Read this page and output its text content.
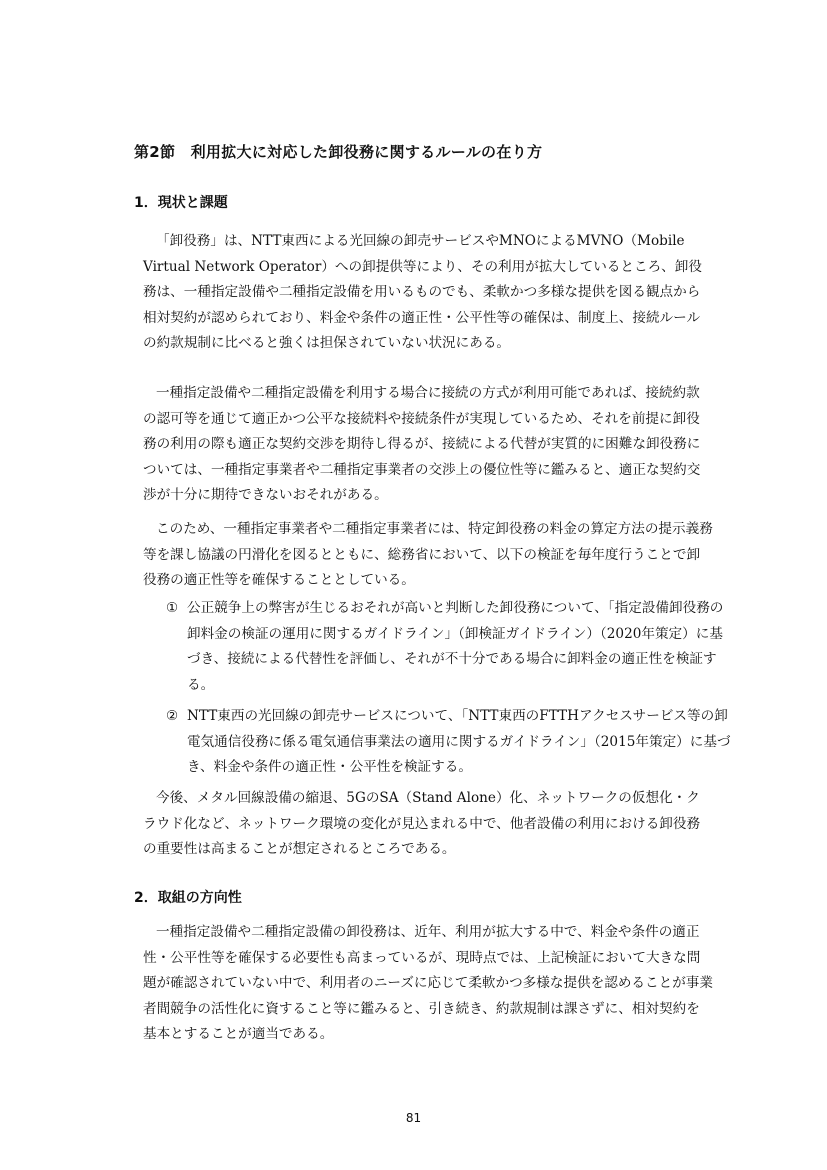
第2節　利用拡大に対応した卸役務に関するルールの在り方
1．現状と課題

「卸役務」は、NTT東西による光回線の卸売サービスやMNOによるMVNO（Mobile Virtual Network Operator）への卸提供等により、その利用が拡大しているところ、卸役務は、一種指定設備や二種指定設備を用いるものでも、柔軟かつ多様な提供を図る観点から相対契約が認められており、料金や条件の適正性・公平性等の確保は、制度上、接続ルールの約款規制に比べると強くは担保されていない状況にある。

一種指定設備や二種指定設備を利用する場合に接続の方式が利用可能であれば、接続約款の認可等を通じて適正かつ公平な接続料や接続条件が実現しているため、それを前提に卸役務の利用の際も適正な契約交渉を期待し得るが、接続による代替が実質的に困難な卸役務については、一種指定事業者や二種指定事業者の交渉上の優位性等に鑑みると、適正な契約交渉が十分に期待できないおそれがある。

このため、一種指定事業者や二種指定事業者には、特定卸役務の料金の算定方法の提示義務等を課し協議の円滑化を図るとともに、総務省において、以下の検証を毎年度行うことで卸役務の適正性等を確保することとしている。

① 公正競争上の弊害が生じるおそれが高いと判断した卸役務について、「指定設備卸役務の卸料金の検証の運用に関するガイドライン」（卸検証ガイドライン）（2020年策定）に基づき、接続による代替性を評価し、それが不十分である場合に卸料金の適正性を検証する。

② NTT東西の光回線の卸売サービスについて、「NTT東西のFTTHアクセスサービス等の卸電気通信役務に係る電気通信事業法の適用に関するガイドライン」（2015年策定）に基づき、料金や条件の適正性・公平性を検証する。

今後、メタル回線設備の縮退、5GのSA（Stand Alone）化、ネットワークの仮想化・クラウド化など、ネットワーク環境の変化が見込まれる中で、他者設備の利用における卸役務の重要性は高まることが想定されるところである。

2．取組の方向性

一種指定設備や二種指定設備の卸役務は、近年、利用が拡大する中で、料金や条件の適正性・公平性等を確保する必要性も高まっているが、現時点では、上記検証において大きな問題が確認されていない中で、利用者のニーズに応じて柔軟かつ多様な提供を認めることが事業者間競争の活性化に資すること等に鑑みると、引き続き、約款規制は課さずに、相対契約を基本とすることが適当である。

81
